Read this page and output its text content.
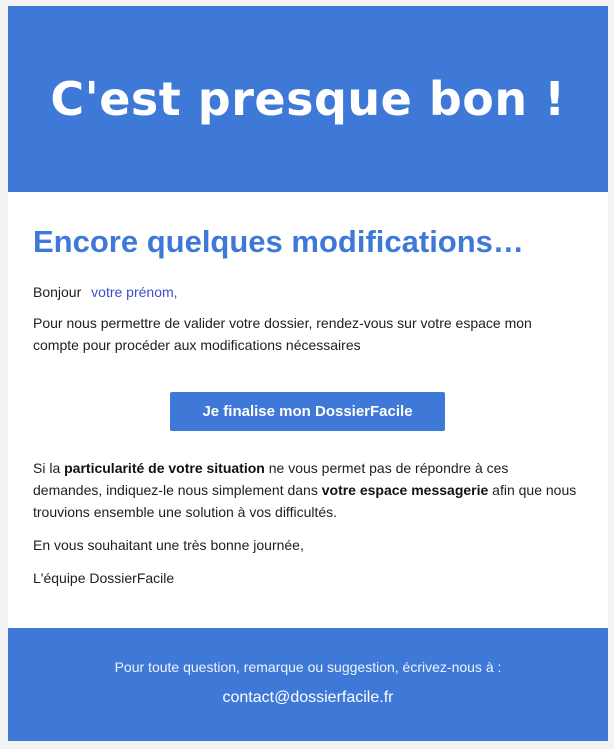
C'est presque bon !
Encore quelques modifications…
Bonjour votre prénom,
Pour nous permettre de valider votre dossier, rendez-vous sur votre espace mon compte pour procéder aux modifications nécessaires
Je finalise mon DossierFacile
Si la particularité de votre situation ne vous permet pas de répondre à ces demandes, indiquez-le nous simplement dans votre espace messagerie afin que nous trouvions ensemble une solution à vos difficultés.
En vous souhaitant une très bonne journée,
L'équipe DossierFacile
Pour toute question, remarque ou suggestion, écrivez-nous à :
contact@dossierfacile.fr
